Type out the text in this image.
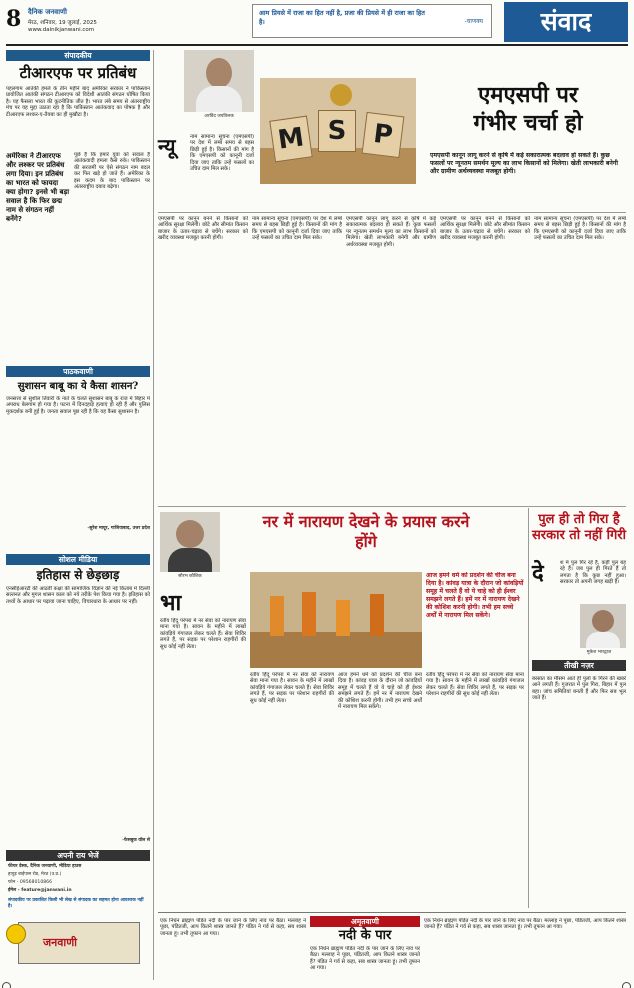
8 दैनिक जनवाणी
मेरठ, शनिवार, 19 जुलाई, 2025
www.dainikjanwani.com
आम प्रियसे में राजा का हित नहीं है, प्रजा की प्रियसे में ही राजा का हित है।	-चाणक्य	संवाद
संपादकीय
टीआरएफ पर प्रतिबंध
पहलगाम आतंकी हमले के तीन महीने बाद अमेरिका सरकार ने पाकिस्तान प्रायोजित आतंकी संगठन टीआरएफ को विदेशी आतंकी संगठन घोषित किया है। यह फैसला भारत की कूटनीतिक जीत है। भारत लंबे समय से अंतरराष्ट्रीय मंच पर यह मुद्दा उठाता रहा है कि पाकिस्तान आतंकवाद का पोषक है और टीआरएफ लश्कर-ए-तैयबा का ही मुखौटा है।
अमेरिका ने टीआरएफ और लश्कर पर प्रतिबंध लगा दिया। इन प्रतिबंध का भारत को फायदा क्या होगा? इनसे भी बड़ा सवाल है कि फिर छद्म नाम से संगठन नहीं बनेंगे?
पूछे हैं कि हमारे युवा को सवाल है आतंकवादी हमला कैसे रुके। पाकिस्तान की सरजमीं पर ऐसे संगठन नाम बदल कर फिर खड़े हो जाते हैं। अमेरिका के इस कदम के बाद पाकिस्तान पर अंतरराष्ट्रीय दबाव बढ़ेगा।
पाठकवाणी
सुशासन बाबू का ये कैसा शासन?
जनसत्ता से सुशील तिवारी के नाते के चलते सुशासन बाबू के राज में बिहार में अपराध बेलगाम हो गया है। पटना में दिनदहाड़े हत्याएं हो रही हैं और पुलिस मूकदर्शक बनी हुई है। जनता सवाल पूछ रही है कि यह कैसा सुशासन है।
-सुरेश मायूर, गाजियाबाद, उत्तर प्रदेश
सोशल मीडिया
इतिहास से छेड़छाड़
एनसीईआरटी की आठवीं कक्षा की सामाजिक विज्ञान की नई किताब में दिल्ली सल्तनत और मुगल शासन काल को नये तरीके पेश किया गया है। इतिहास को तथ्यों के आधार पर पढ़ाया जाना चाहिए, विचारधारा के आधार पर नहीं।
-फेसबुक वॉल से
अपनी राय भेजें
फीचर डेस्क, दैनिक जनवाणी, मीडिया हाउस
हापुड़ बाईपास रोड, मेरठ (उ.प्र.)
फोन - 09568010866
ईमेल - feature@janwani.in
संपादकीय पर प्रकाशित किसी भी लेख से संपादक का सहमत होना आवश्यक नहीं है।
जनवाणी
अरविंद जयतिलक
न्यू	नाम सामान्य सूचना (एमएसपी) पर देश में लम्बे समय से बहस छिड़ी हुई है। किसानों की मांग है कि एमएसपी को कानूनी दर्जा दिया जाए ताकि उन्हें फसलों का उचित दाम मिल सके।
M S P
एमएसपी पर
गंभीर चर्चा हो
एमएसपी कानून लागू करने से कृषि में कई सकारात्मक बदलाव हो सकते हैं। कुछ फसलों पर न्यूनतम समर्थन मूल्य का लाभ किसानों को मिलेगा। खेती लाभकारी बनेगी और ग्रामीण अर्थव्यवस्था मजबूत होगी।
एमएसपी पर कानून बनने से किसानों को आर्थिक सुरक्षा मिलेगी। छोटे और सीमांत किसान बाजार के उतार-चढ़ाव से बचेंगे। सरकार को खरीद व्यवस्था मजबूत करनी होगी।
नाम सामान्य सूचना (एमएसपी) पर देश में लम्बे समय से बहस छिड़ी हुई है। किसानों की मांग है कि एमएसपी को कानूनी दर्जा दिया जाए ताकि उन्हें फसलों का उचित दाम मिल सके।
एमएसपी कानून लागू करने से कृषि में कई सकारात्मक बदलाव हो सकते हैं। कुछ फसलों पर न्यूनतम समर्थन मूल्य का लाभ किसानों को मिलेगा। खेती लाभकारी बनेगी और ग्रामीण अर्थव्यवस्था मजबूत होगी।
एमएसपी पर कानून बनने से किसानों को आर्थिक सुरक्षा मिलेगी। छोटे और सीमांत किसान बाजार के उतार-चढ़ाव से बचेंगे। सरकार को खरीद व्यवस्था मजबूत करनी होगी।
नाम सामान्य सूचना (एमएसपी) पर देश में लम्बे समय से बहस छिड़ी हुई है। किसानों की मांग है कि एमएसपी को कानूनी दर्जा दिया जाए ताकि उन्हें फसलों का उचित दाम मिल सके।
नर में नारायण देखने के प्रयास करने होंगे
सौरभ कौशिक
भा
रतीय हिंदू परंपरा में नर सेवा को नारायण सेवा माना गया है। सावन के महीने में लाखों कांवड़िये गंगाजल लेकर चलते हैं। सेवा शिविर लगते हैं, पर सड़क पर परेशान राहगीरों की सुध कोई नहीं लेता।
आज हमने धर्म को प्रदर्शन की चीज बना दिया है। कांवड़ यात्रा के दौरान जो कांवड़ियों समूह में चलते हैं वो ये चाहे को ही ईश्वर समझने लगते हैं। हमें नर में नारायण देखने की कोशिश करनी होगी। तभी हम सच्चे अर्थों में नारायण मिल सकेंगे।
रतीय हिंदू परंपरा में नर सेवा को नारायण सेवा माना गया है। सावन के महीने में लाखों कांवड़िये गंगाजल लेकर चलते हैं। सेवा शिविर लगते हैं, पर सड़क पर परेशान राहगीरों की सुध कोई नहीं लेता।
आज हमने धर्म को प्रदर्शन की चीज बना दिया है। कांवड़ यात्रा के दौरान जो कांवड़ियों समूह में चलते हैं वो ये चाहे को ही ईश्वर समझने लगते हैं। हमें नर में नारायण देखने की कोशिश करनी होगी। तभी हम सच्चे अर्थों में नारायण मिल सकेंगे।
रतीय हिंदू परंपरा में नर सेवा को नारायण सेवा माना गया है। सावन के महीने में लाखों कांवड़िये गंगाजल लेकर चलते हैं। सेवा शिविर लगते हैं, पर सड़क पर परेशान राहगीरों की सुध कोई नहीं लेता।
पुल ही तो गिरा है सरकार तो नहीं गिरी
दे	श में पुल गिर रहे हैं, कहीं पुल बह रहे हैं। जब पुल ही गिरते हैं तो लगता है कि कुछ नहीं हुआ। सरकार तो अपनी जगह खड़ी है।
मुकेश भारद्वाज
तीखी नज़र
बरसात का मौसम आते ही पुलों के गिरने की खबरें आने लगती हैं। गुजरात में पुल गिरा, बिहार में पुल बहा। जांच समितियां बनती हैं और फिर सब भूल जाते हैं।
अमृतवाणी
नदी के पार
एक निर्धन ब्राह्मण पंडित नदी के पार जाने के लिए नाव पर बैठा। मल्लाह ने पूछा, पंडितजी, आप कितने शास्त्र जानते हैं? पंडित ने गर्व से कहा, सब शास्त्र जानता हूं। तभी तूफान आ गया।
एक निर्धन ब्राह्मण पंडित नदी के पार जाने के लिए नाव पर बैठा। मल्लाह ने पूछा, पंडितजी, आप कितने शास्त्र जानते हैं? पंडित ने गर्व से कहा, सब शास्त्र जानता हूं। तभी तूफान आ गया।
एक निर्धन ब्राह्मण पंडित नदी के पार जाने के लिए नाव पर बैठा। मल्लाह ने पूछा, पंडितजी, आप कितने शास्त्र जानते हैं? पंडित ने गर्व से कहा, सब शास्त्र जानता हूं। तभी तूफान आ गया।
